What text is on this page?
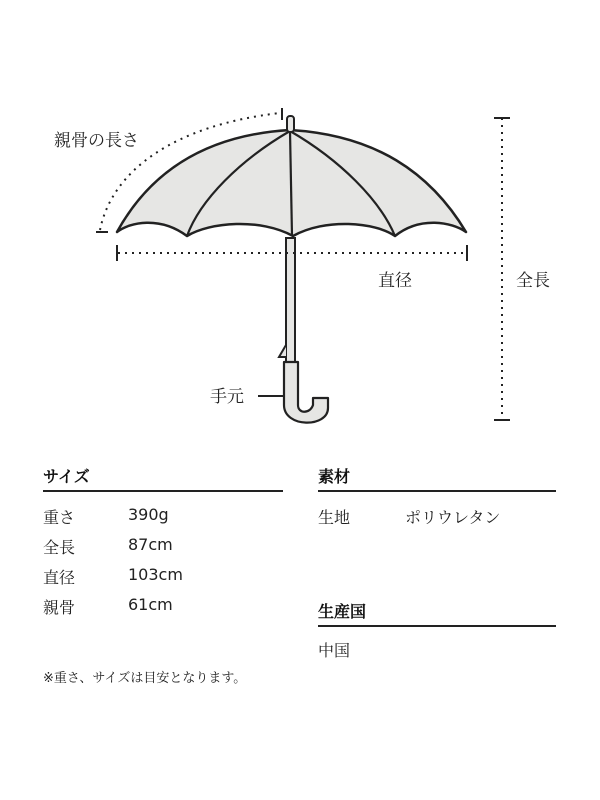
親骨の長さ
直径	全長
手元
サイズ
重さ	390g
全長	87cm
直径	103cm
親骨	61cm
素材
生地	ポリウレタン
生産国
中国
※重さ、サイズは目安となります。
